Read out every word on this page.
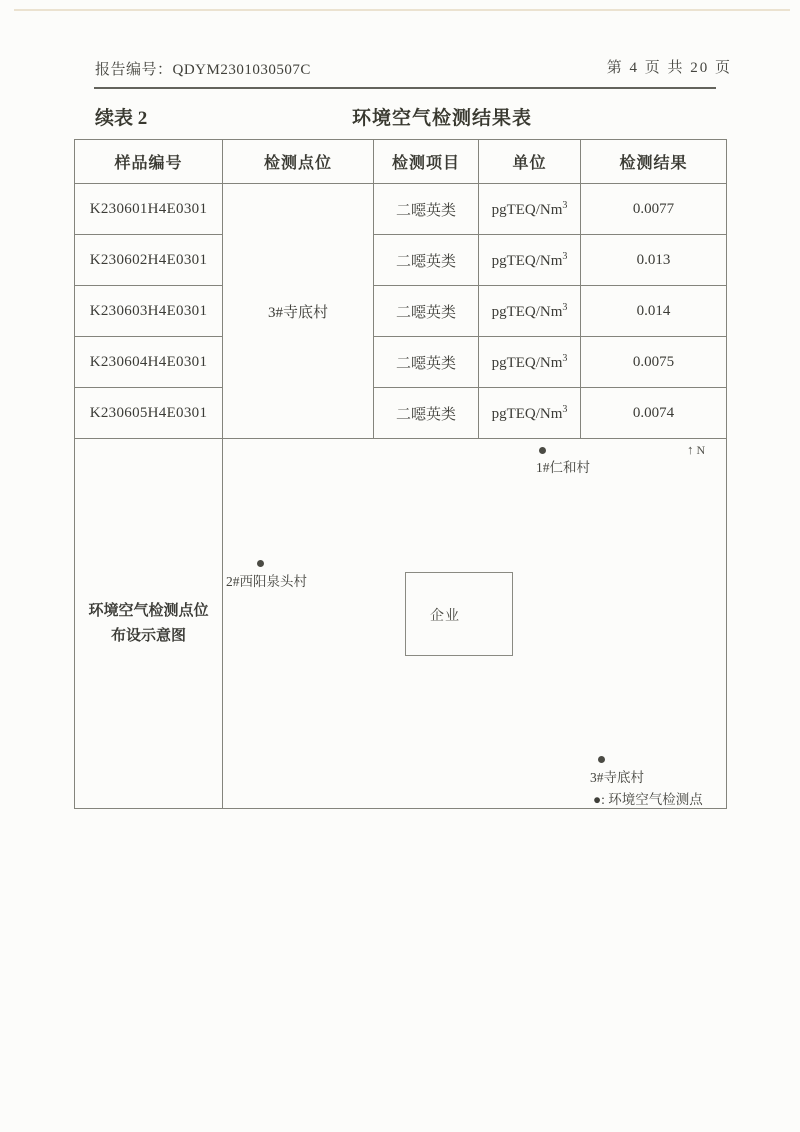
报告编号：QDYM2301030507C	第 4 页 共 20 页
续表 2	环境空气检测结果表
样品编号	检测点位	检测项目	单位	检测结果
K230601H4E0301	3#寺底村	二噁英类	pgTEQ/Nm$^3$	0.0077
K230602H4E0301		二噁英类	pgTEQ/Nm$^3$	0.013
K230603H4E0301		二噁英类	pgTEQ/Nm$^3$	0.014
K230604H4E0301		二噁英类	pgTEQ/Nm$^3$	0.0075
K230605H4E0301		二噁英类	pgTEQ/Nm$^3$	0.0074

环境空气检测点位
布设示意图

↑ N
1#仁和村
2#西阳泉头村
企业
3#寺底村
●: 环境空气检测点
